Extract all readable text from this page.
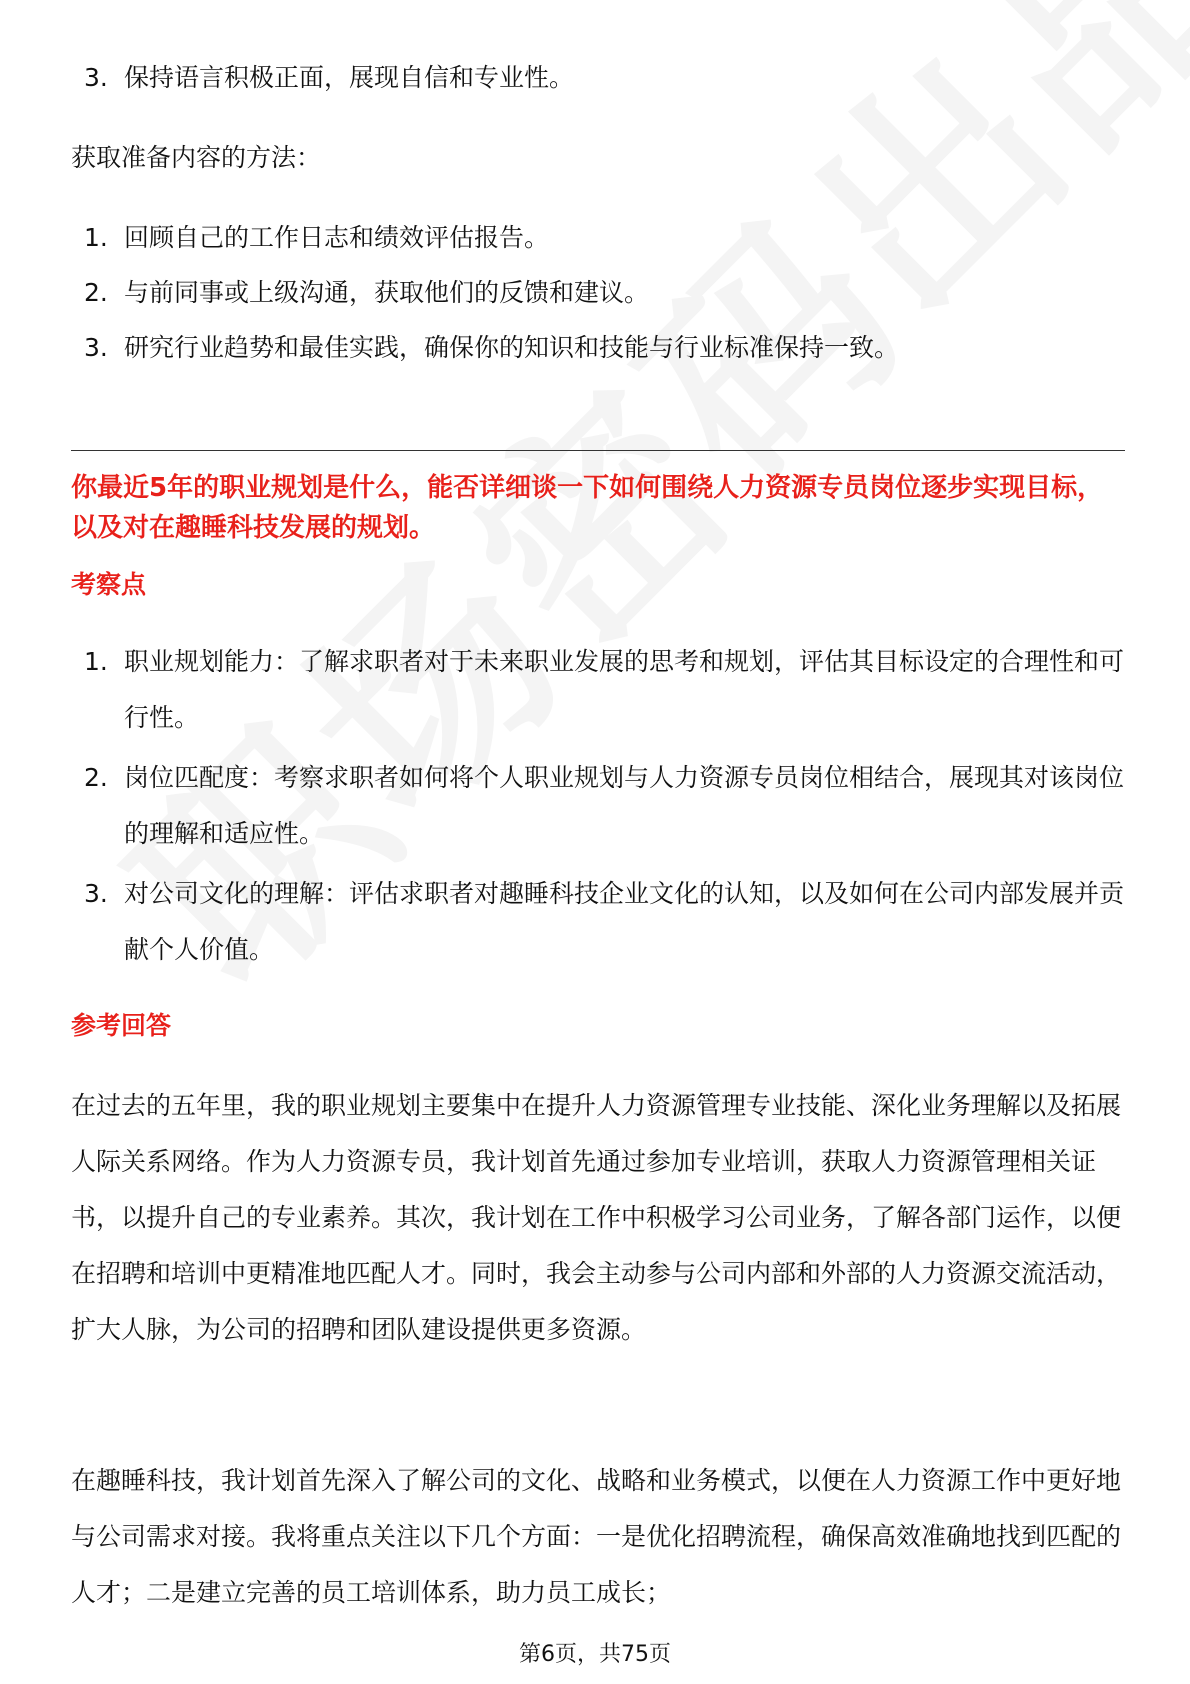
3. 保持语言积极正面，展现自信和专业性。
获取准备内容的方法：
1. 回顾自己的工作日志和绩效评估报告。
2. 与前同事或上级沟通，获取他们的反馈和建议。
3. 研究行业趋势和最佳实践，确保你的知识和技能与行业标准保持一致。
你最近5年的职业规划是什么，能否详细谈一下如何围绕人力资源专员岗位逐步实现目标，以及对在趣睡科技发展的规划。
考察点
1. 职业规划能力：了解求职者对于未来职业发展的思考和规划，评估其目标设定的合理性和可行性。
2. 岗位匹配度：考察求职者如何将个人职业规划与人力资源专员岗位相结合，展现其对该岗位的理解和适应性。
3. 对公司文化的理解：评估求职者对趣睡科技企业文化的认知，以及如何在公司内部发展并贡献个人价值。
参考回答
在过去的五年里，我的职业规划主要集中在提升人力资源管理专业技能、深化业务理解以及拓展人际关系网络。作为人力资源专员，我计划首先通过参加专业培训，获取人力资源管理相关证书，以提升自己的专业素养。其次，我计划在工作中积极学习公司业务，了解各部门运作，以便在招聘和培训中更精准地匹配人才。同时，我会主动参与公司内部和外部的人力资源交流活动，扩大人脉，为公司的招聘和团队建设提供更多资源。
在趣睡科技，我计划首先深入了解公司的文化、战略和业务模式，以便在人力资源工作中更好地与公司需求对接。我将重点关注以下几个方面：一是优化招聘流程，确保高效准确地找到匹配的人才；二是建立完善的员工培训体系，助力员工成长；
第6页，共75页
